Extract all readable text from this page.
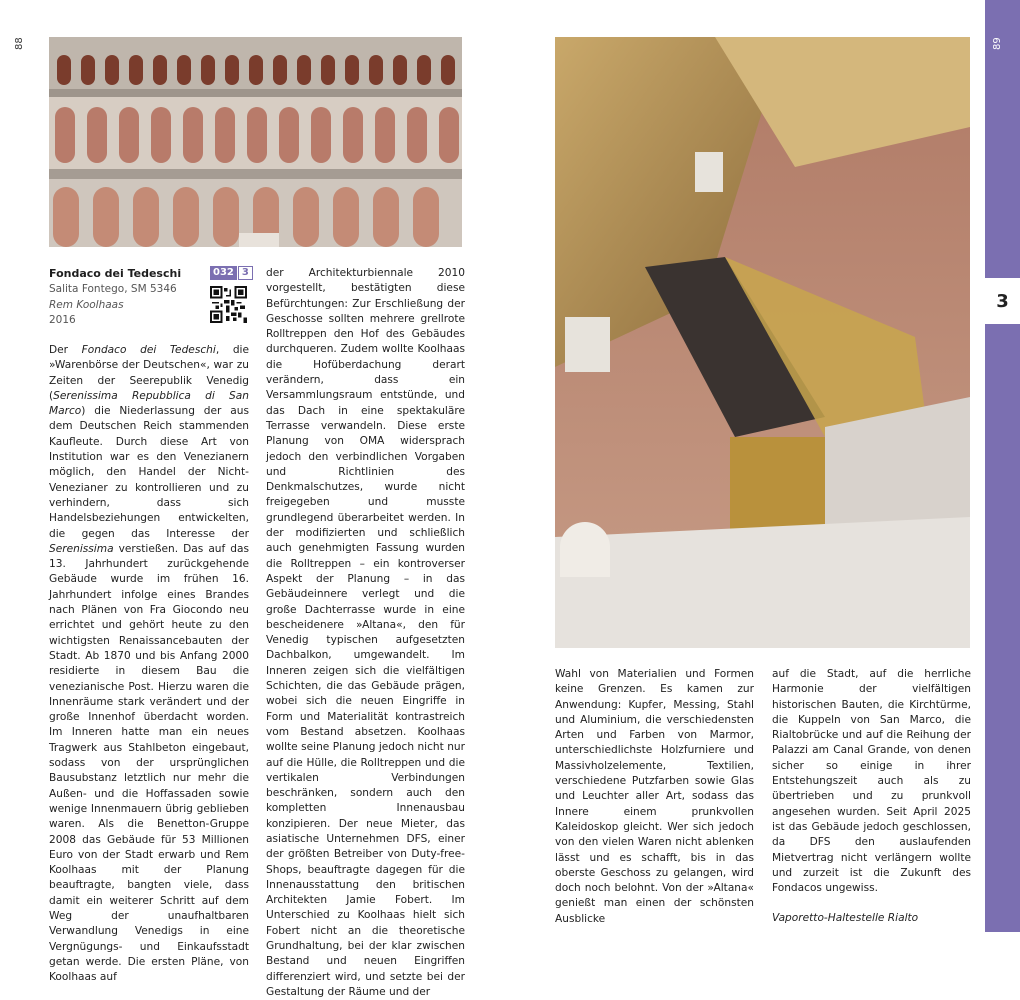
88	89
3
Fondaco dei Tedeschi
Salita Fontego, SM 5346
Rem Koolhaas
2016
032 3

Der Fondaco dei Tedeschi, die »Warenbörse der Deutschen«, war zu Zeiten der Seerepublik Venedig (Serenissima Repubblica di San Marco) die Niederlassung der aus dem Deutschen Reich stammenden Kaufleute. Durch diese Art von Institution war es den Venezianern möglich, den Handel der Nicht-Venezianer zu kontrollieren und zu verhindern, dass sich Handelsbeziehungen entwickelten, die gegen das Interesse der Serenissima verstießen. Das auf das 13. Jahrhundert zurückgehende Gebäude wurde im frühen 16. Jahrhundert infolge eines Brandes nach Plänen von Fra Giocondo neu errichtet und gehört heute zu den wichtigsten Renaissancebauten der Stadt. Ab 1870 und bis Anfang 2000 residierte in diesem Bau die venezianische Post. Hierzu waren die Innenräume stark verändert und der große Innenhof überdacht worden. Im Inneren hatte man ein neues Tragwerk aus Stahlbeton eingebaut, sodass von der ursprünglichen Bausubstanz letztlich nur mehr die Außen- und die Hoffassaden sowie wenige Innenmauern übrig geblieben waren. Als die Benetton-Gruppe 2008 das Gebäude für 53 Millionen Euro von der Stadt erwarb und Rem Koolhaas mit der Planung beauftragte, bangten viele, dass damit ein weiterer Schritt auf dem Weg der unaufhaltbaren Verwandlung Venedigs in eine Vergnügungs- und Einkaufsstadt getan werde. Die ersten Pläne, von Koolhaas auf

der Architekturbiennale 2010 vorgestellt, bestätigten diese Befürchtungen: Zur Erschließung der Geschosse sollten mehrere grellrote Rolltreppen den Hof des Gebäudes durchqueren. Zudem wollte Koolhaas die Hofüberdachung derart verändern, dass ein Versammlungsraum entstünde, und das Dach in eine spektakuläre Terrasse verwandeln. Diese erste Planung von OMA widersprach jedoch den verbindlichen Vorgaben und Richtlinien des Denkmalschutzes, wurde nicht freigegeben und musste grundlegend überarbeitet werden. In der modifizierten und schließlich auch genehmigten Fassung wurden die Rolltreppen – ein kontroverser Aspekt der Planung – in das Gebäudeinnere verlegt und die große Dachterrasse wurde in eine bescheidenere »Altana«, den für Venedig typischen aufgesetzten Dachbalkon, umgewandelt. Im Inneren zeigen sich die vielfältigen Schichten, die das Gebäude prägen, wobei sich die neuen Eingriffe in Form und Materialität kontrastreich vom Bestand absetzen. Koolhaas wollte seine Planung jedoch nicht nur auf die Hülle, die Rolltreppen und die vertikalen Verbindungen beschränken, sondern auch den kompletten Innenausbau konzipieren. Der neue Mieter, das asiatische Unternehmen DFS, einer der größten Betreiber von Duty-free-Shops, beauftragte dagegen für die Innenausstattung den britischen Architekten Jamie Fobert. Im Unterschied zu Koolhaas hielt sich Fobert nicht an die theoretische Grundhaltung, bei der klar zwischen Bestand und neuen Eingriffen differenziert wird, und setzte bei der Gestaltung der Räume und der

Wahl von Materialien und Formen keine Grenzen. Es kamen zur Anwendung: Kupfer, Messing, Stahl und Aluminium, die verschiedensten Arten und Farben von Marmor, unterschiedlichste Holzfurniere und Massivholzelemente, Textilien, verschiedene Putzfarben sowie Glas und Leuchter aller Art, sodass das Innere einem prunkvollen Kaleidoskop gleicht. Wer sich jedoch von den vielen Waren nicht ablenken lässt und es schafft, bis in das oberste Geschoss zu gelangen, wird doch noch belohnt. Von der »Altana« genießt man einen der schönsten Ausblicke

auf die Stadt, auf die herrliche Harmonie der vielfältigen historischen Bauten, die Kirchtürme, die Kuppeln von San Marco, die Rialtobrücke und auf die Reihung der Palazzi am Canal Grande, von denen sicher so einige in ihrer Entstehungszeit auch als zu übertrieben und zu prunkvoll angesehen wurden. Seit April 2025 ist das Gebäude jedoch geschlossen, da DFS den auslaufenden Mietvertrag nicht verlängern wollte und zurzeit ist die Zukunft des Fondacos ungewiss.

Vaporetto-Haltestelle Rialto
